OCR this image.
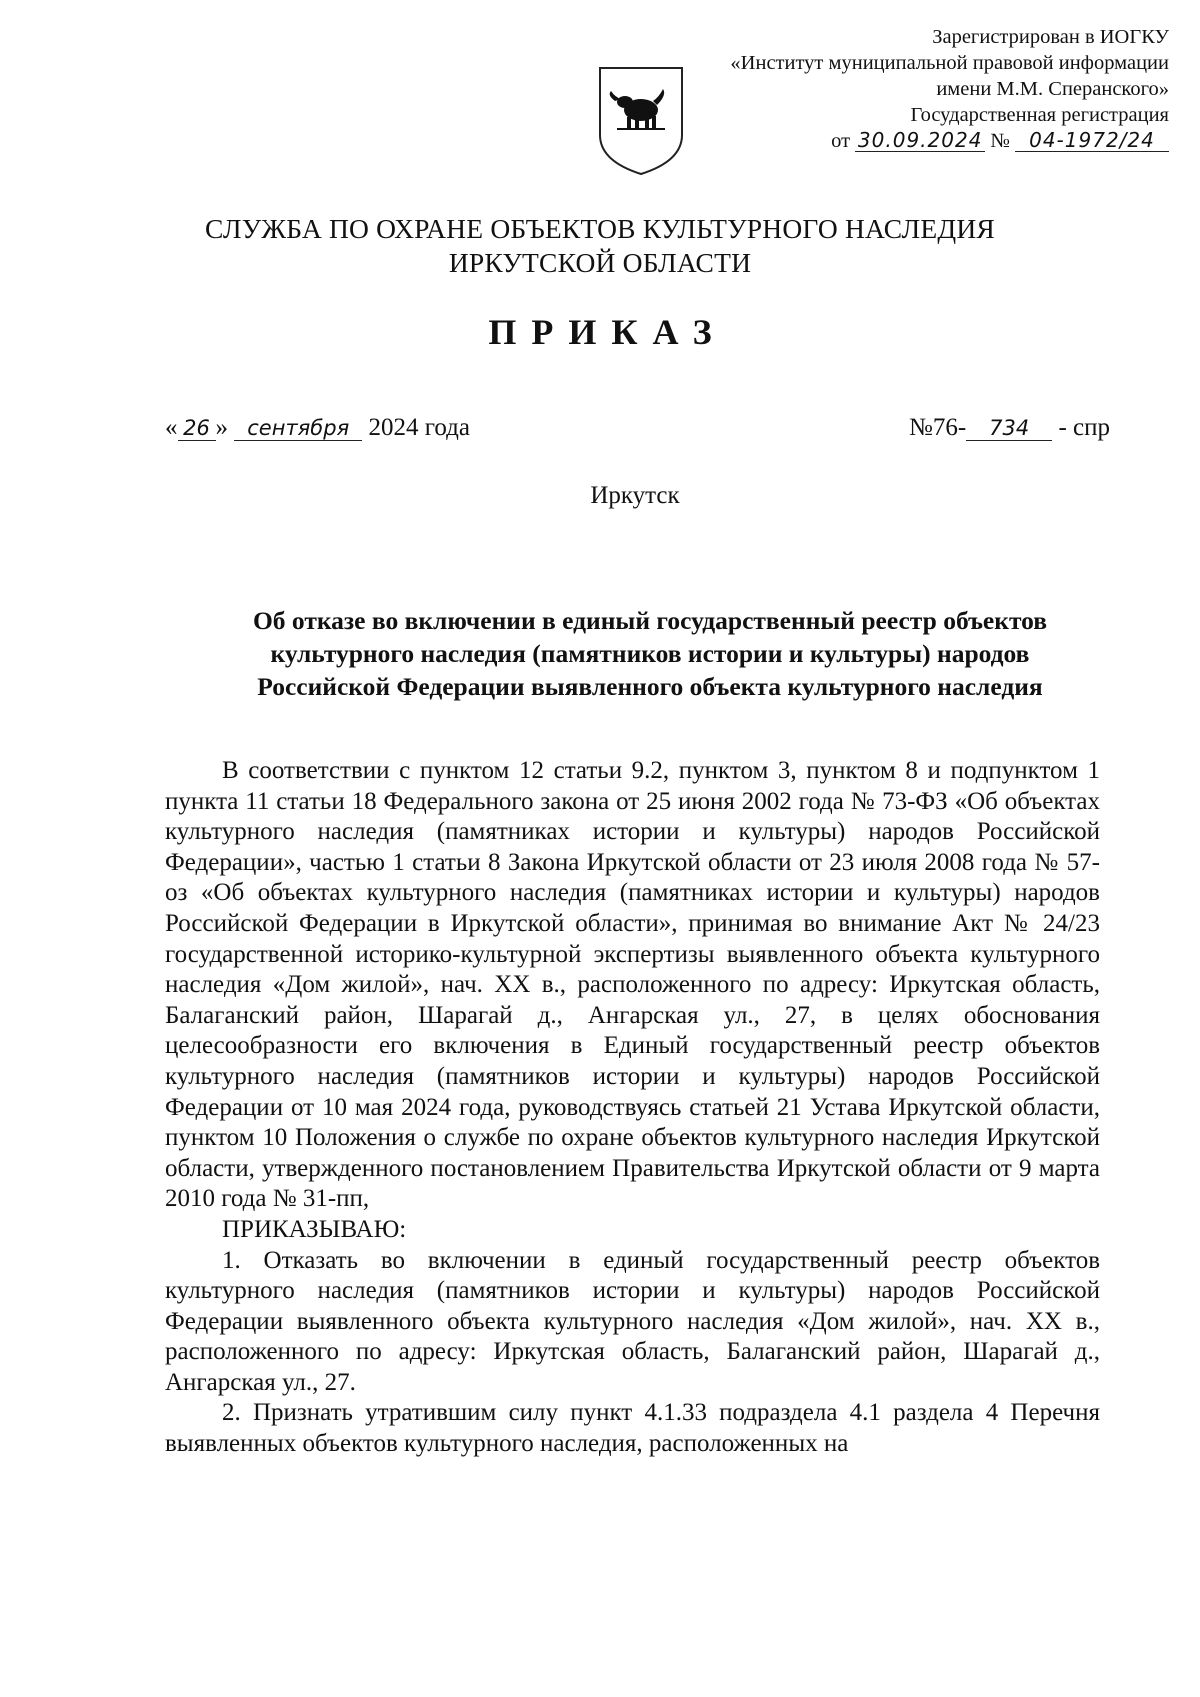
Зарегистрирован в ИОГКУ
«Институт муниципальной правовой информации
имени М.М. Сперанского»
Государственная регистрация
от 30.09.2024 № 04-1972/24
СЛУЖБА ПО ОХРАНЕ ОБЪЕКТОВ КУЛЬТУРНОГО НАСЛЕДИЯ
ИРКУТСКОЙ ОБЛАСТИ
ПРИКАЗ
« 26 » сентября 2024 года	№76- 734 - спр
Иркутск
Об отказе во включении в единый государственный реестр объектов
культурного наследия (памятников истории и культуры) народов
Российской Федерации выявленного объекта культурного наследия

В соответствии с пунктом 12 статьи 9.2, пунктом 3, пунктом 8 и подпунктом 1 пункта 11 статьи 18 Федерального закона от 25 июня 2002 года № 73-ФЗ «Об объектах культурного наследия (памятниках истории и культуры) народов Российской Федерации», частью 1 статьи 8 Закона Иркутской области от 23 июля 2008 года № 57-оз «Об объектах культурного наследия (памятниках истории и культуры) народов Российской Федерации в Иркутской области», принимая во внимание Акт № 24/23 государственной историко-культурной экспертизы выявленного объекта культурного наследия «Дом жилой», нач. XX в., расположенного по адресу: Иркутская область, Балаганский район, Шарагай д., Ангарская ул., 27, в целях обоснования целесообразности его включения в Единый государственный реестр объектов культурного наследия (памятников истории и культуры) народов Российской Федерации от 10 мая 2024 года, руководствуясь статьей 21 Устава Иркутской области, пунктом 10 Положения о службе по охране объектов культурного наследия Иркутской области, утвержденного постановлением Правительства Иркутской области от 9 марта 2010 года № 31-пп,

ПРИКАЗЫВАЮ:

1. Отказать во включении в единый государственный реестр объектов культурного наследия (памятников истории и культуры) народов Российской Федерации выявленного объекта культурного наследия «Дом жилой», нач. XX в., расположенного по адресу: Иркутская область, Балаганский район, Шарагай д., Ангарская ул., 27.

2. Признать утратившим силу пункт 4.1.33 подраздела 4.1 раздела 4 Перечня выявленных объектов культурного наследия, расположенных на
